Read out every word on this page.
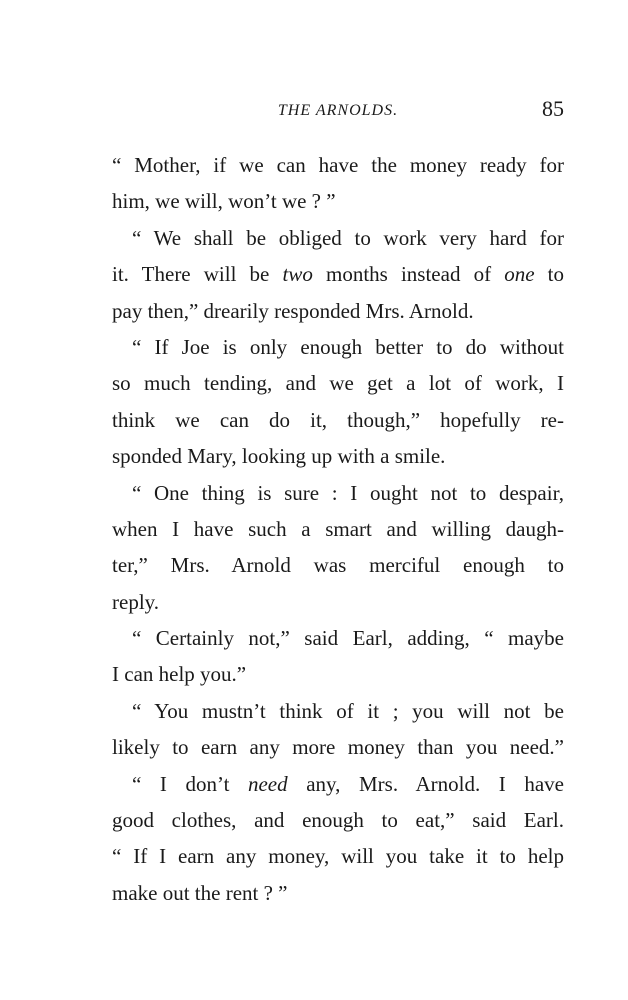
THE ARNOLDS.	85
“ Mother, if we can have the money ready for
him, we will, won’t we ? ”
“ We shall be obliged to work very hard for
it. There will be two months instead of one to
pay then,” drearily responded Mrs. Arnold.
“ If Joe is only enough better to do without
so much tending, and we get a lot of work, I
think we can do it, though,” hopefully re-
sponded Mary, looking up with a smile.
“ One thing is sure : I ought not to despair,
when I have such a smart and willing daugh-
ter,” Mrs. Arnold was merciful enough to
reply.
“ Certainly not,” said Earl, adding, “ maybe
I can help you.”
“ You mustn’t think of it ; you will not be
likely to earn any more money than you need.”
“ I don’t need any, Mrs. Arnold. I have
good clothes, and enough to eat,” said Earl.
“ If I earn any money, will you take it to help
make out the rent ? ”
